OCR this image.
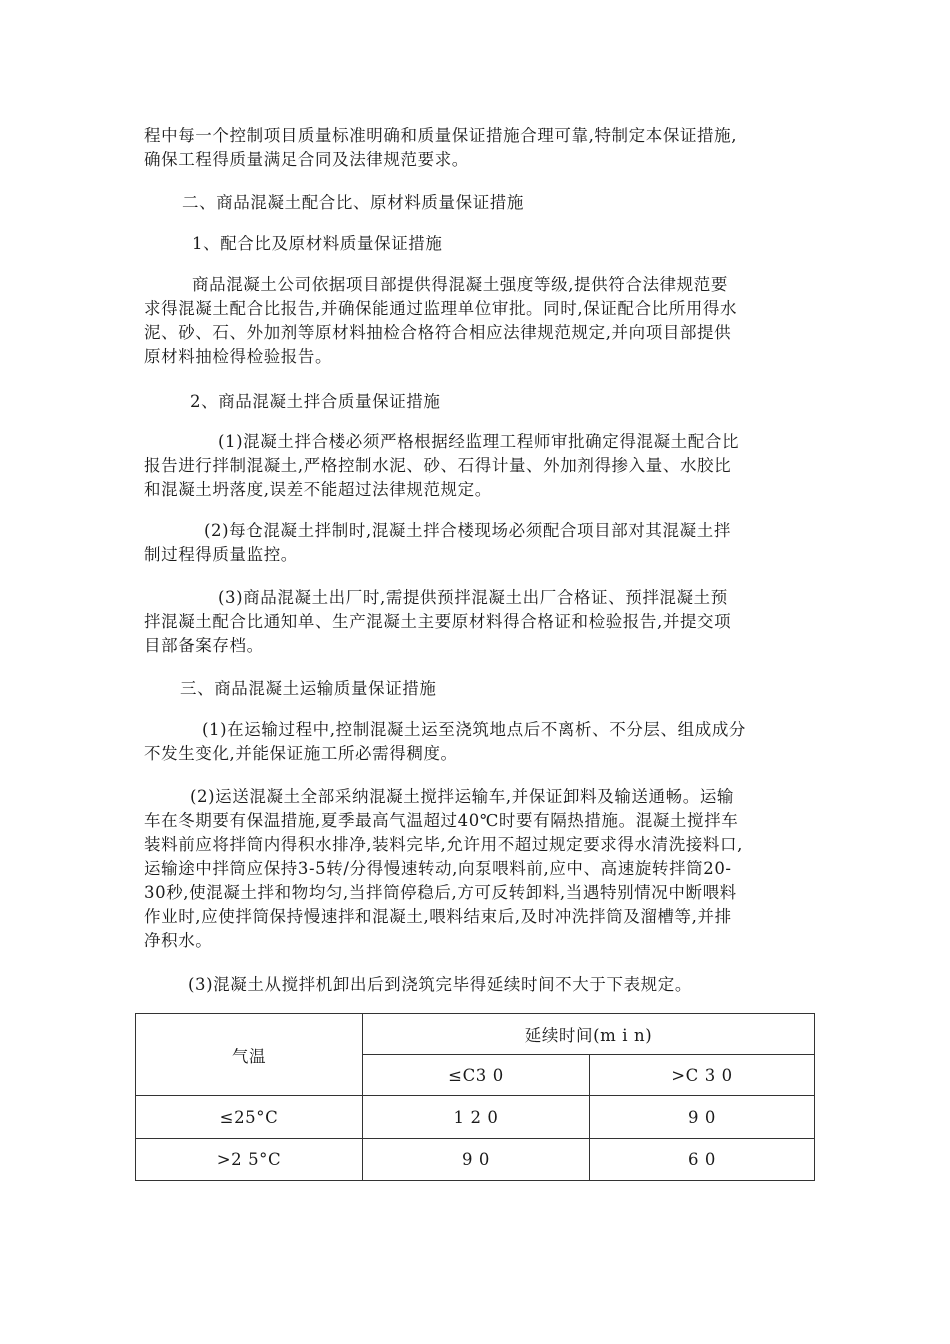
程中每一个控制项目质量标准明确和质量保证措施合理可靠,特制定本保证措施,
确保工程得质量满足合同及法律规范要求。
二、商品混凝土配合比、原材料质量保证措施
1、配合比及原材料质量保证措施
商品混凝土公司依据项目部提供得混凝土强度等级,提供符合法律规范要
求得混凝土配合比报告,并确保能通过监理单位审批。同时,保证配合比所用得水
泥、砂、石、外加剂等原材料抽检合格符合相应法律规范规定,并向项目部提供
原材料抽检得检验报告。
2、商品混凝土拌合质量保证措施
(1)混凝土拌合楼必须严格根据经监理工程师审批确定得混凝土配合比
报告进行拌制混凝土,严格控制水泥、砂、石得计量、外加剂得掺入量、水胶比
和混凝土坍落度,误差不能超过法律规范规定。
(2)每仓混凝土拌制时,混凝土拌合楼现场必须配合项目部对其混凝土拌
制过程得质量监控。
(3)商品混凝土出厂时,需提供预拌混凝土出厂合格证、预拌混凝土预
拌混凝土配合比通知单、生产混凝土主要原材料得合格证和检验报告,并提交项
目部备案存档。
三、商品混凝土运输质量保证措施
(1)在运输过程中,控制混凝土运至浇筑地点后不离析、不分层、组成成分
不发生变化,并能保证施工所必需得稠度。
(2)运送混凝土全部采纳混凝土搅拌运输车,并保证卸料及输送通畅。运输
车在冬期要有保温措施,夏季最高气温超过40℃时要有隔热措施。混凝土搅拌车
装料前应将拌筒内得积水排净,装料完毕,允许用不超过规定要求得水清洗接料口,
运输途中拌筒应保持3-5转/分得慢速转动,向泵喂料前,应中、高速旋转拌筒20-
30秒,使混凝土拌和物均匀,当拌筒停稳后,方可反转卸料,当遇特别情况中断喂料
作业时,应使拌筒保持慢速拌和混凝土,喂料结束后,及时冲洗拌筒及溜槽等,并排
净积水。
(3)混凝土从搅拌机卸出后到浇筑完毕得延续时间不大于下表规定。
气温	延续时间(m i n)	
	≤C3 0	>C 3 0
≤25°C	1 2 0	9 0
>2 5°C	9 0	6 0
